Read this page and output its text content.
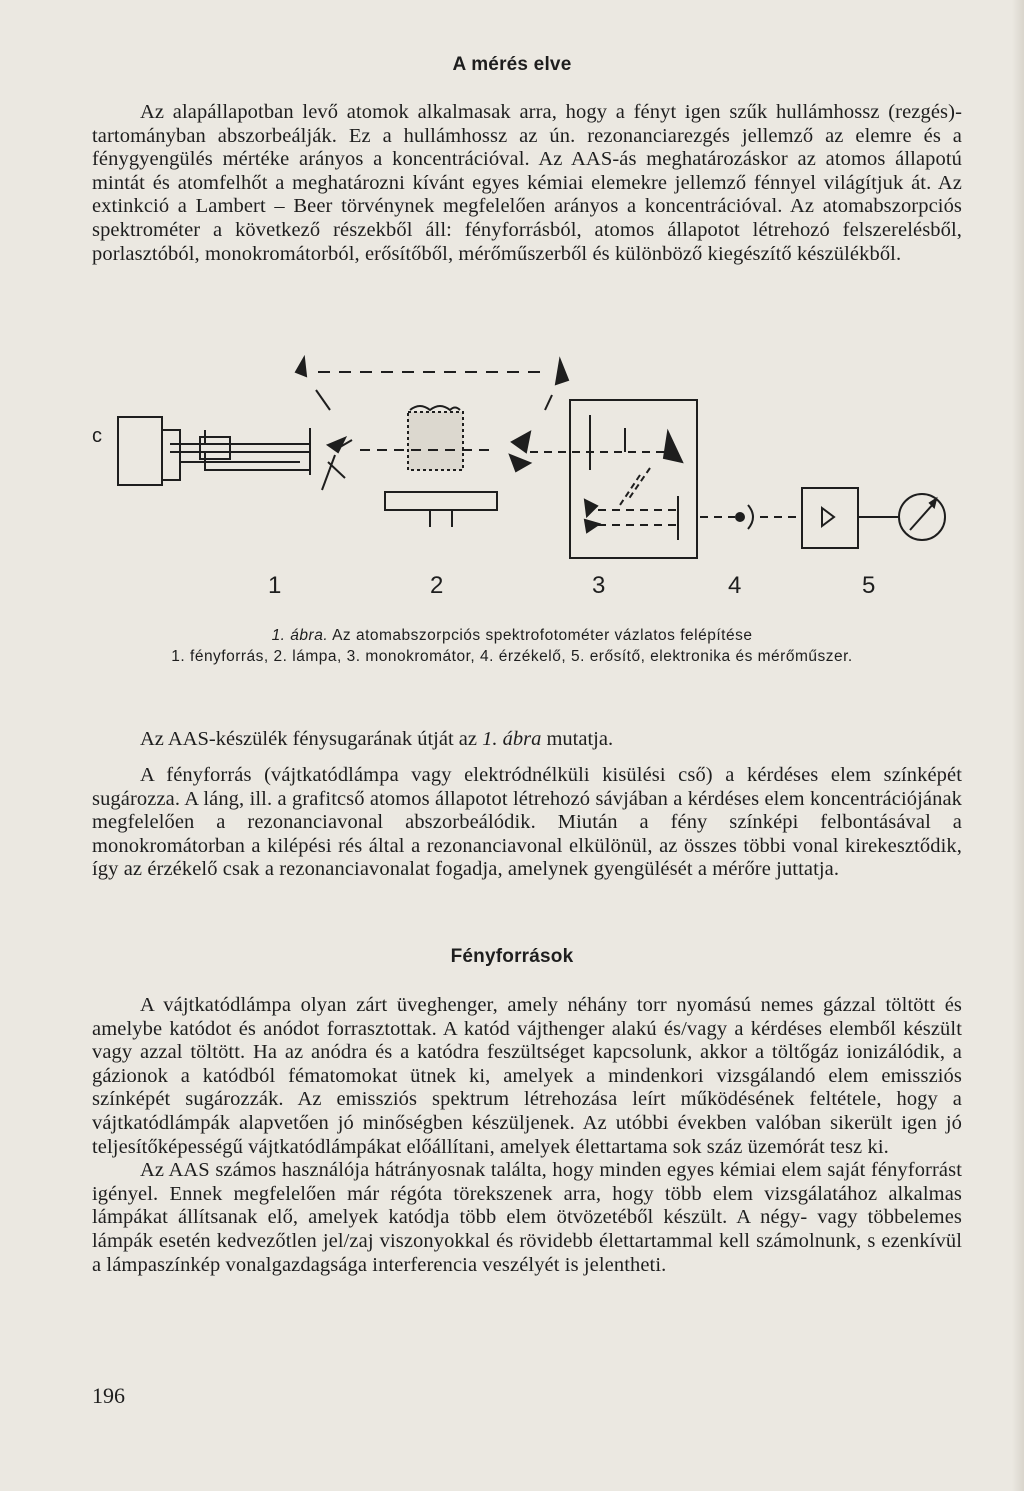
A mérés elve

Az alapállapotban levő atomok alkalmasak arra, hogy a fényt igen szűk hullámhossz (rezgés)-tartományban abszorbeálják. Ez a hullámhossz az ún. rezonanciarezgés jellemző az elemre és a fénygyengülés mértéke arányos a koncentrációval. Az AAS-ás meghatározáskor az atomos állapotú mintát és atomfelhőt a meghatározni kívánt egyes kémiai elemekre jellemző fénnyel világítjuk át. Az extinkció a Lambert – Beer törvénynek megfelelően arányos a koncentrációval. Az atomabszorpciós spektrométer a következő részekből áll: fényforrásból, atomos állapotot létrehozó felszerelésből, porlasztóból, monokromátorból, erősítőből, mérőműszerből és különböző kiegészítő készülékből.

c
1	2	3	4	5
1. ábra. Az atomabszorpciós spektrofotométer vázlatos felépítése
1. fényforrás, 2. lámpa, 3. monokromátor, 4. érzékelő, 5. erősítő, elektronika és mérőműszer.
Az AAS-készülék fénysugarának útját az 1. ábra mutatja.

A fényforrás (vájtkatódlámpa vagy elektródnélküli kisülési cső) a kérdéses elem színképét sugározza. A láng, ill. a grafitcső atomos állapotot létrehozó sávjában a kérdéses elem koncentrációjának megfelelően a rezonanciavonal abszorbeálódik. Miután a fény színképi felbontásával a monokromátorban a kilépési rés által a rezonanciavonal elkülönül, az összes többi vonal kirekesztődik, így az érzékelő csak a rezonanciavonalat fogadja, amelynek gyengülését a mérőre juttatja.

Fényforrások

A vájtkatódlámpa olyan zárt üveghenger, amely néhány torr nyomású nemes gázzal töltött és amelybe katódot és anódot forrasztottak. A katód vájthenger alakú és/vagy a kérdéses elemből készült vagy azzal töltött. Ha az anódra és a katódra feszültséget kapcsolunk, akkor a töltőgáz ionizálódik, a gázionok a katódból fématomokat ütnek ki, amelyek a mindenkori vizsgálandó elem emissziós színképét sugározzák. Az emissziós spektrum létrehozása leírt működésének feltétele, hogy a vájtkatódlámpák alapvetően jó minőségben készüljenek. Az utóbbi években valóban sikerült igen jó teljesítőképességű vájtkatódlámpákat előállítani, amelyek élettartama sok száz üzemórát tesz ki.

Az AAS számos használója hátrányosnak találta, hogy minden egyes kémiai elem saját fényforrást igényel. Ennek megfelelően már régóta törekszenek arra, hogy több elem vizsgálatához alkalmas lámpákat állítsanak elő, amelyek katódja több elem ötvözetéből készült. A négy- vagy többelemes lámpák esetén kedvezőtlen jel/zaj viszonyokkal és rövidebb élettartammal kell számolnunk, s ezenkívül a lámpaszínkép vonalgazdagsága interferencia veszélyét is jelentheti.

196
